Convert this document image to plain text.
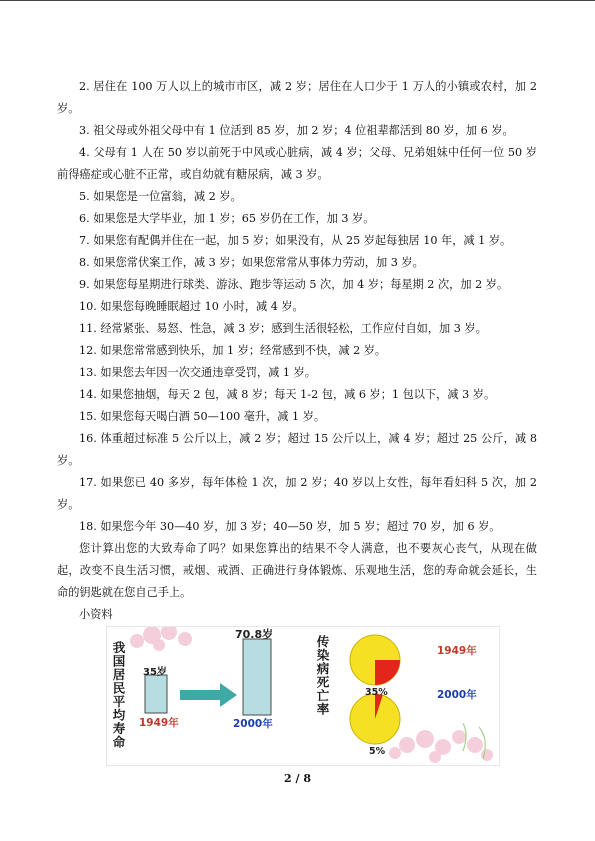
2. 居住在 100 万人以上的城市市区，减 2 岁；居住在人口少于 1 万人的小镇或农村，加 2 岁。

3. 祖父母或外祖父母中有 1 位活到 85 岁，加 2 岁；4 位祖辈都活到 80 岁，加 6 岁。

4. 父母有 1 人在 50 岁以前死于中风或心脏病，减 4 岁；父母、兄弟姐妹中任何一位 50 岁前得癌症或心脏不正常，或自幼就有糖尿病，减 3 岁。

5. 如果您是一位富翁，减 2 岁。

6. 如果您是大学毕业，加 1 岁；65 岁仍在工作，加 3 岁。

7. 如果您有配偶并住在一起，加 5 岁；如果没有，从 25 岁起每独居 10 年，减 1 岁。

8. 如果您常伏案工作，减 3 岁；如果您常常从事体力劳动，加 3 岁。

9. 如果您每星期进行球类、游泳、跑步等运动 5 次，加 4 岁；每星期 2 次，加 2 岁。

10. 如果您每晚睡眠超过 10 小时，减 4 岁。

11. 经常紧张、易怒、性急，减 3 岁；感到生活很轻松，工作应付自如，加 3 岁。

12. 如果您常常感到快乐，加 1 岁；经常感到不快，减 2 岁。

13. 如果您去年因一次交通违章受罚，减 1 岁。

14. 如果您抽烟，每天 2 包，减 8 岁；每天 1-2 包，减 6 岁；1 包以下，减 3 岁。

15. 如果您每天喝白酒 50—100 毫升，减 1 岁。

16. 体重超过标准 5 公斤以上，减 2 岁；超过 15 公斤以上，减 4 岁；超过 25 公斤，减 8 岁。

17. 如果您已 40 多岁，每年体检 1 次，加 2 岁；40 岁以上女性，每年看妇科 5 次，加 2 岁。

18. 如果您今年 30—40 岁，加 3 岁；40—50 岁，加 5 岁；超过 70 岁，加 6 岁。

您计算出您的大致寿命了吗？如果您算出的结果不令人满意，也不要灰心丧气，从现在做起，改变不良生活习惯，戒烟、戒酒、正确进行身体锻炼、乐观地生活，您的寿命就会延长，生命的钥匙就在您自己手上。

小资料

我国居民平均寿命 35岁
70.8岁
1949年	2000年
传染病死亡率	35%
5%
1949年
2000年
2 / 8
